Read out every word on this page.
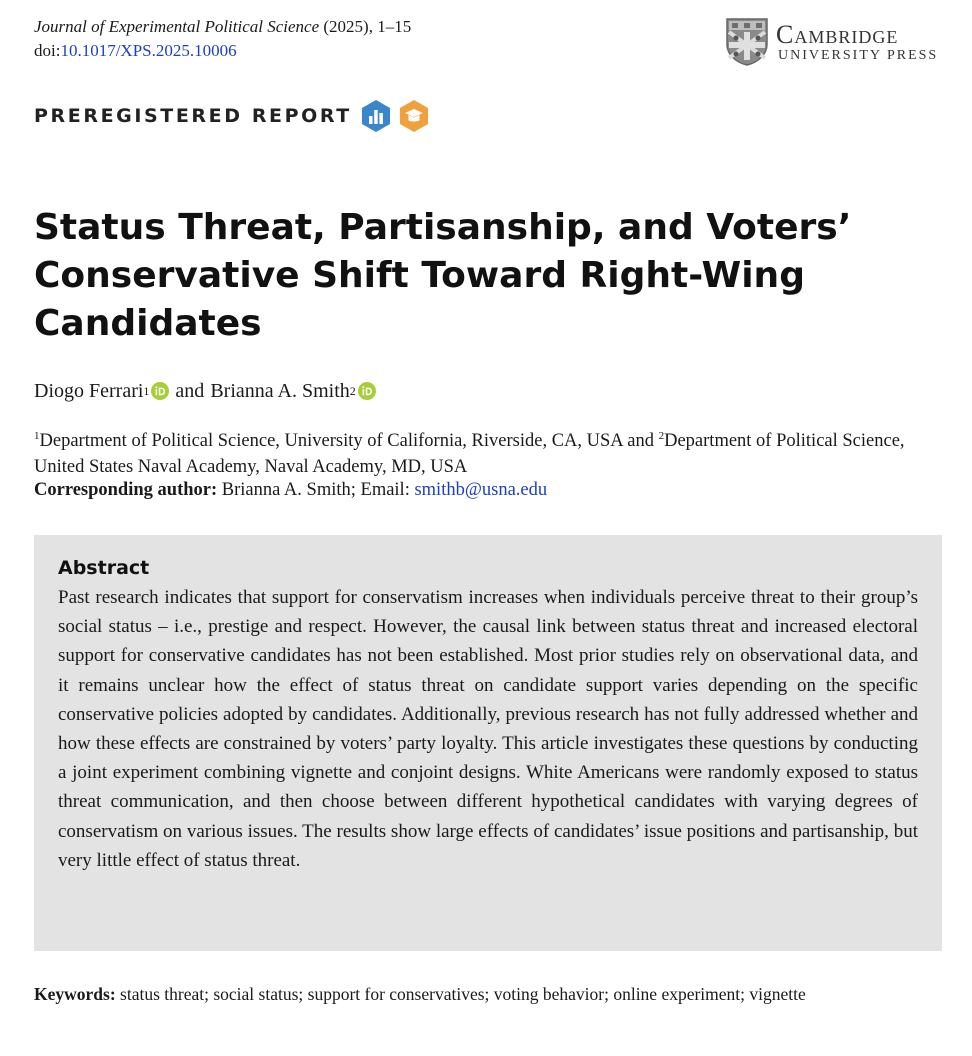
Journal of Experimental Political Science (2025), 1–15
doi:10.1017/XPS.2025.10006
Cambridge
UNIVERSITY PRESS
PREREGISTERED REPORT
Status Threat, Partisanship, and Voters’ Conservative Shift Toward Right-Wing Candidates
Diogo Ferrari 1 and Brianna A. Smith 2
$^1$Department of Political Science, University of California, Riverside, CA, USA and $^2$Department of Political Science, United States Naval Academy, Naval Academy, MD, USA
Corresponding author: Brianna A. Smith; Email: smithb@usna.edu
Abstract

Past research indicates that support for conservatism increases when individuals perceive threat to their group’s social status – i.e., prestige and respect. However, the causal link between status threat and increased electoral support for conservative candidates has not been established. Most prior studies rely on observational data, and it remains unclear how the effect of status threat on candidate support varies depending on the specific conservative policies adopted by candidates. Additionally, previous research has not fully addressed whether and how these effects are constrained by voters’ party loyalty. This article investigates these questions by conducting a joint experiment combining vignette and conjoint designs. White Americans were randomly exposed to status threat communication, and then choose between different hypothetical candidates with varying degrees of conservatism on various issues. The results show large effects of candidates’ issue positions and partisanship, but very little effect of status threat.

Keywords: status threat; social status; support for conservatives; voting behavior; online experiment; vignette
